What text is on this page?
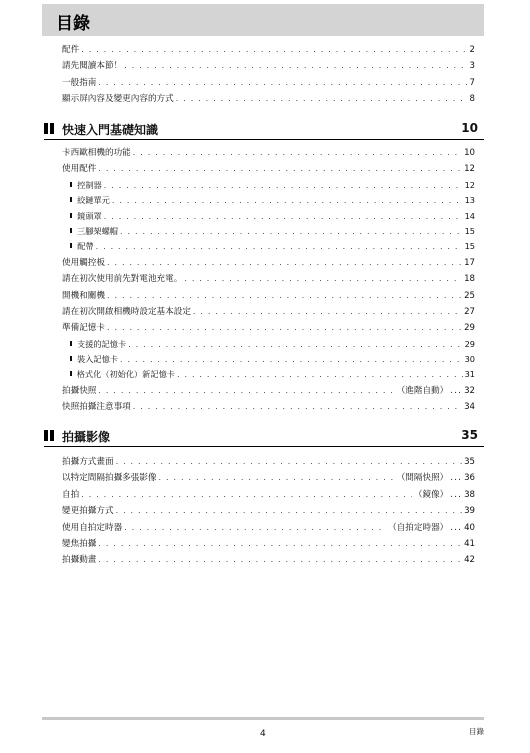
目錄
配件 . . .	2
請先閱讀本節！ . . .	3
一般指南 . . .	7
顯示屏內容及變更內容的方式 . . .	8
快速入門基礎知識	10
卡西歐相機的功能 . . .	10
使用配件 . . .	12
控制器 . . .	12
絞鏈單元 . . .	13
鏡頭罩 . . .	14
三腳架螺帽 . . .	15
配帶 . . .	15
使用觸控板 . . .	17
請在初次使用前先對電池充電。 . . .	18
開機和關機 . . .	25
請在初次開啟相機時設定基本設定 . . .	27
準備記憶卡 . . .	29
支援的記憶卡 . . .	29
裝入記憶卡 . . .	30
格式化（初始化）新記憶卡 . . .	31
拍攝快照 . . .	（進階自動） ... 32
快照拍攝注意事項 . . .	34
拍攝影像	35
拍攝方式畫面 . . .	35
以特定間隔拍攝多張影像 . . .	（間隔快照） ... 36
自拍 . . .	（鏡像） ... 38
變更拍攝方式 . . .	39
使用自拍定時器 . . .	（自拍定時器） ... 40
變焦拍攝 . . .	41
拍攝動畫 . . .	42
4	目錄
